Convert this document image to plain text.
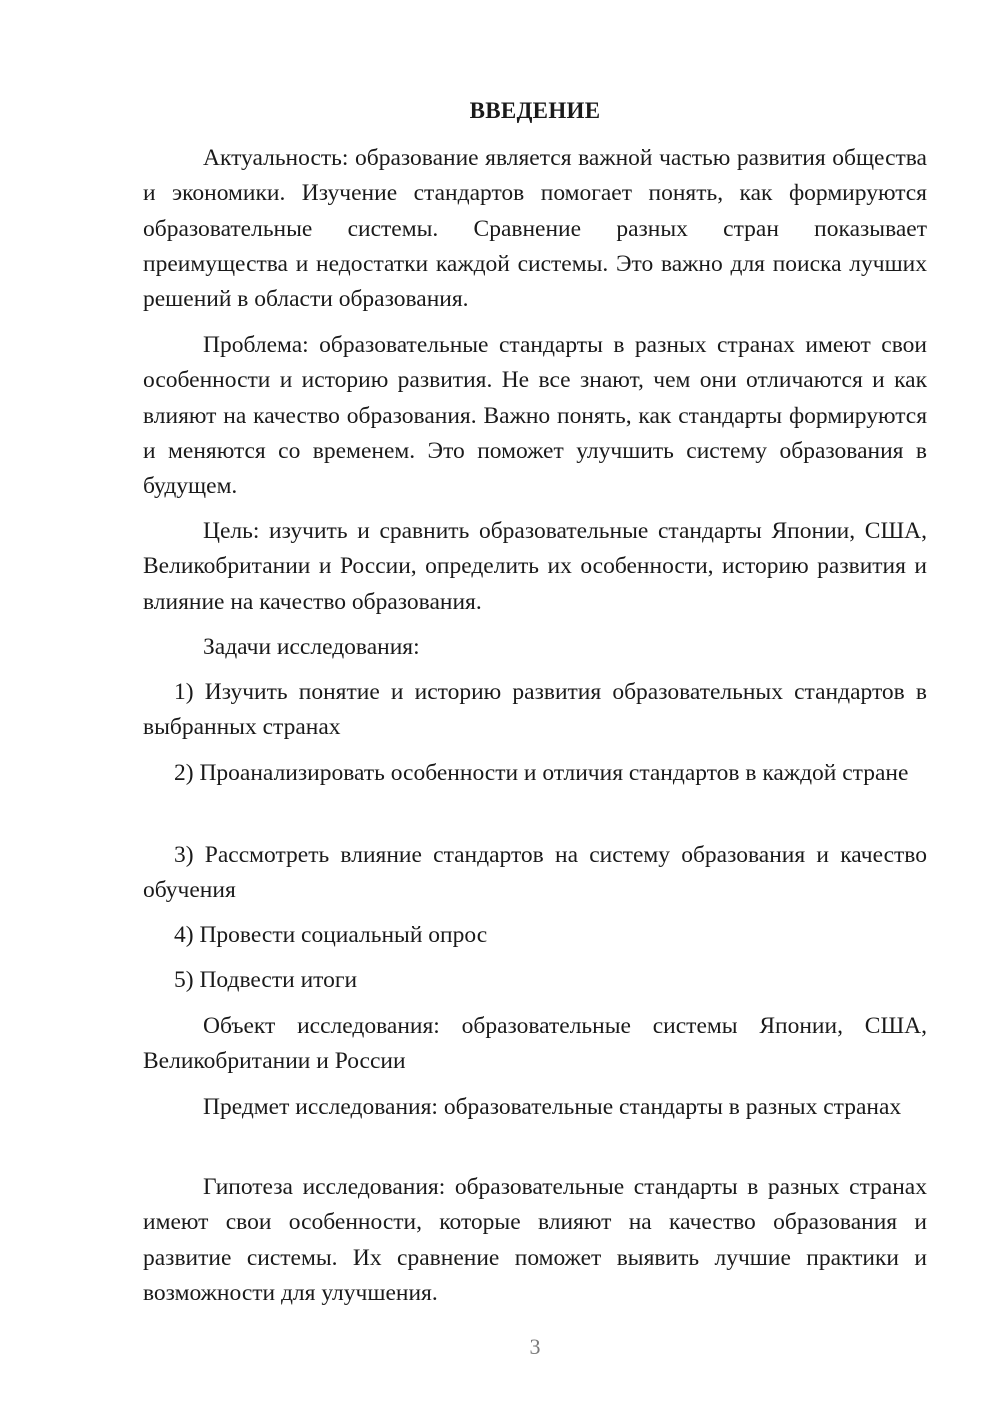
ВВЕДЕНИЕ

Актуальность: образование является важной частью развития общества и экономики. Изучение стандартов помогает понять, как формируются образовательные системы. Сравнение разных стран показывает преимущества и недостатки каждой системы. Это важно для поиска лучших решений в области образования.

Проблема: образовательные стандарты в разных странах имеют свои особенности и историю развития. Не все знают, чем они отличаются и как влияют на качество образования. Важно понять, как стандарты формируются и меняются со временем. Это поможет улучшить систему образования в будущем.

Цель: изучить и сравнить образовательные стандарты Японии, США, Великобритании и России, определить их особенности, историю развития и влияние на качество образования.

Задачи исследования:

1) Изучить понятие и историю развития образовательных стандартов в выбранных странах

2) Проанализировать особенности и отличия стандартов в каждой стране

3) Рассмотреть влияние стандартов на систему образования и качество обучения

4) Провести социальный опрос

5) Подвести итоги

Объект исследования: образовательные системы Японии, США, Великобритании и России

Предмет исследования: образовательные стандарты в разных странах

Гипотеза исследования: образовательные стандарты в разных странах имеют свои особенности, которые влияют на качество образования и развитие системы. Их сравнение поможет выявить лучшие практики и возможности для улучшения.

3
